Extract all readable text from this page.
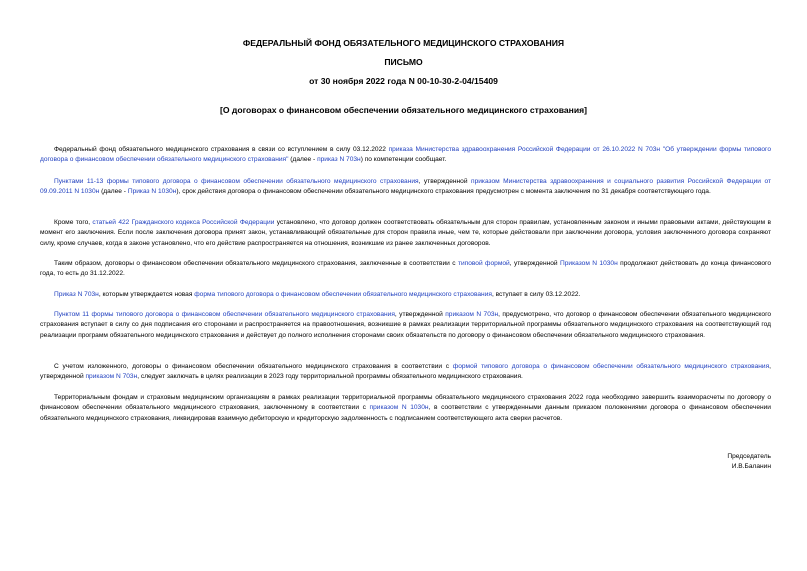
ФЕДЕРАЛЬНЫЙ ФОНД ОБЯЗАТЕЛЬНОГО МЕДИЦИНСКОГО СТРАХОВАНИЯ
ПИСЬМО
от 30 ноября 2022 года N 00-10-30-2-04/15409
[О договорах о финансовом обеспечении обязательного медицинского страхования]
Федеральный фонд обязательного медицинского страхования в связи со вступлением в силу 03.12.2022 приказа Министерства здравоохранения Российской Федерации от 26.10.2022 N 703н "Об утверждении формы типового договора о финансовом обеспечении обязательного медицинского страхования" (далее - приказ N 703н) по компетенции сообщает.
Пунктами 11-13 формы типового договора о финансовом обеспечении обязательного медицинского страхования, утвержденной приказом Министерства здравоохранения и социального развития Российской Федерации от 09.09.2011 N 1030н (далее - Приказ N 1030н), срок действия договора о финансовом обеспечении обязательного медицинского страхования предусмотрен с момента заключения по 31 декабря соответствующего года.
Кроме того, статьей 422 Гражданского кодекса Российской Федерации установлено, что договор должен соответствовать обязательным для сторон правилам, установленным законом и иными правовыми актами, действующим в момент его заключения. Если после заключения договора принят закон, устанавливающий обязательные для сторон правила иные, чем те, которые действовали при заключении договора, условия заключенного договора сохраняют силу, кроме случаев, когда в законе установлено, что его действие распространяется на отношения, возникшие из ранее заключенных договоров.
Таким образом, договоры о финансовом обеспечении обязательного медицинского страхования, заключенные в соответствии с типовой формой, утвержденной Приказом N 1030н продолжают действовать до конца финансового года, то есть до 31.12.2022.
Приказ N 703н, которым утверждается новая форма типового договора о финансовом обеспечении обязательного медицинского страхования, вступает в силу 03.12.2022.
Пунктом 11 формы типового договора о финансовом обеспечении обязательного медицинского страхования, утвержденной приказом N 703н, предусмотрено, что договор о финансовом обеспечении обязательного медицинского страхования вступает в силу со дня подписания его сторонами и распространяется на правоотношения, возникшие в рамках реализации территориальной программы обязательного медицинского страхования на соответствующий год реализации программ обязательного медицинского страхования и действует до полного исполнения сторонами своих обязательств по договору о финансовом обеспечении обязательного медицинского страхования.
С учетом изложенного, договоры о финансовом обеспечении обязательного медицинского страхования в соответствии с формой типового договора о финансовом обеспечении обязательного медицинского страхования, утвержденной приказом N 703н, следует заключать в целях реализации в 2023 году территориальной программы обязательного медицинского страхования.
Территориальным фондам и страховым медицинским организациям в рамках реализации территориальной программы обязательного медицинского страхования 2022 года необходимо завершить взаиморасчеты по договору о финансовом обеспечении обязательного медицинского страхования, заключенному в соответствии с приказом N 1030н, в соответствии с утвержденными данным приказом положениями договора о финансовом обеспечении обязательного медицинского страхования, ликвидировав взаимную дебиторскую и кредиторскую задолженность с подписанием соответствующего акта сверки расчетов.
Председатель
И.В.Баланин
